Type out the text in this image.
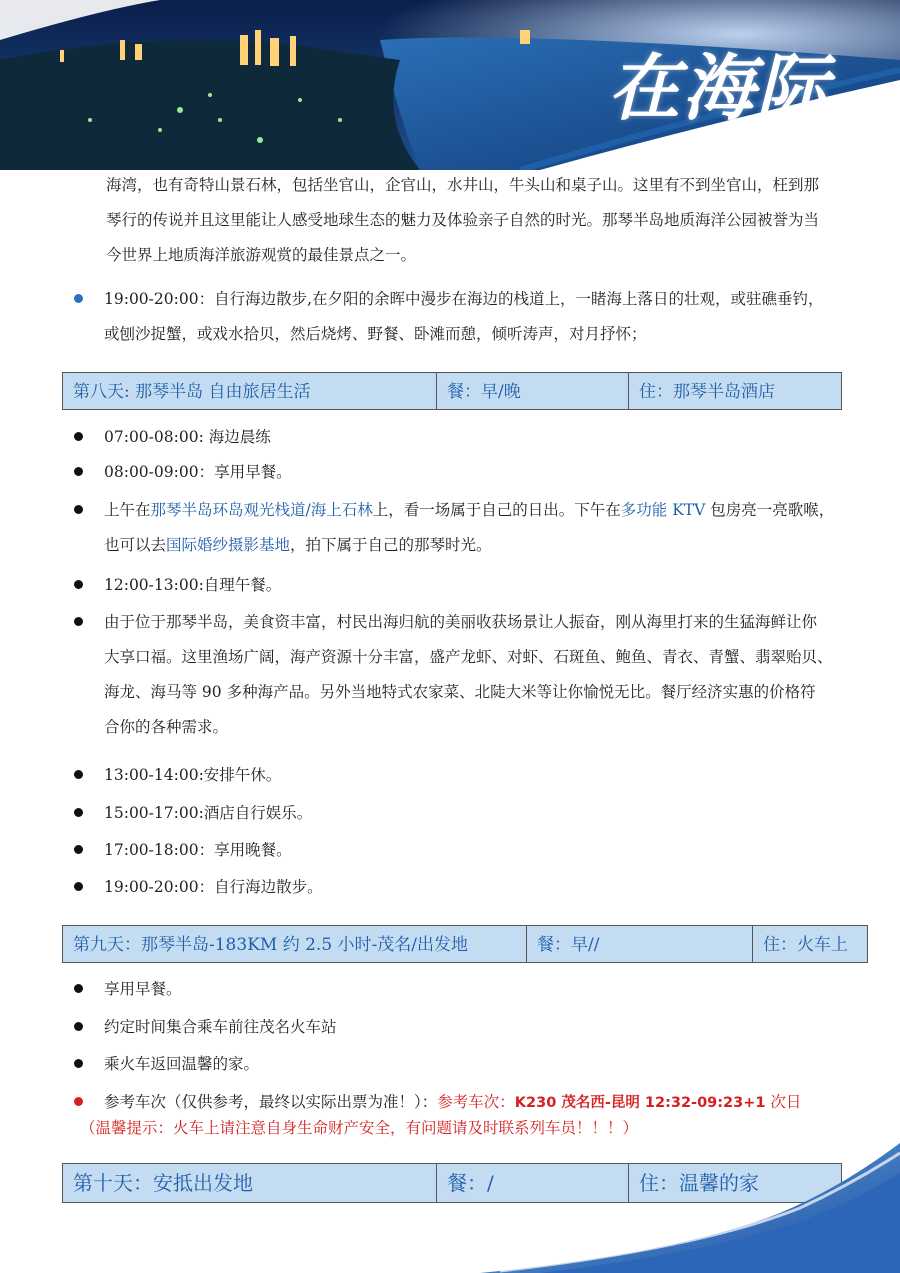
在海际
海湾，也有奇特山景石林，包括坐官山，企官山，水井山，牛头山和桌子山。这里有不到坐官山，枉到那
琴行的传说并且这里能让人感受地球生态的魅力及体验亲子自然的时光。那琴半岛地质海洋公园被誉为当
今世界上地质海洋旅游观赏的最佳景点之一。
19:00-20:00：自行海边散步,在夕阳的余晖中漫步在海边的栈道上，一睹海上落日的壮观，或驻礁垂钓，
或刨沙捉蟹，或戏水拾贝，然后烧烤、野餐、卧滩而憩，倾听涛声，对月抒怀；
第八天: 那琴半岛 自由旅居生活	餐：早/晚	住：那琴半岛酒店
07:00-08:00: 海边晨练
08:00-09:00：享用早餐。
上午在那琴半岛环岛观光栈道/海上石林上，看一场属于自己的日出。下午在多功能 KTV 包房亮一亮歌喉，
也可以去国际婚纱摄影基地，拍下属于自己的那琴时光。
12:00-13:00:自理午餐。
由于位于那琴半岛，美食资丰富，村民出海归航的美丽收获场景让人振奋，刚从海里打来的生猛海鲜让你
大享口福。这里渔场广阔，海产资源十分丰富，盛产龙虾、对虾、石斑鱼、鲍鱼、青衣、青蟹、翡翠贻贝、
海龙、海马等 90 多种海产品。另外当地特式农家菜、北陡大米等让你愉悦无比。餐厅经济实惠的价格符
合你的各种需求。
13:00-14:00:安排午休。
15:00-17:00:酒店自行娱乐。
17:00-18:00：享用晚餐。
19:00-20:00：自行海边散步。
第九天：那琴半岛-183KM 约 2.5 小时-茂名/出发地	餐：早//	住：火车上
享用早餐。
约定时间集合乘车前往茂名火车站
乘火车返回温馨的家。
参考车次（仅供参考，最终以实际出票为准！）：参考车次：K230 茂名西-昆明 12:32-09:23+1 次日
（温馨提示：火车上请注意自身生命财产安全，有问题请及时联系列车员！！！）
第十天：安抵出发地	餐：/	住：温馨的家
